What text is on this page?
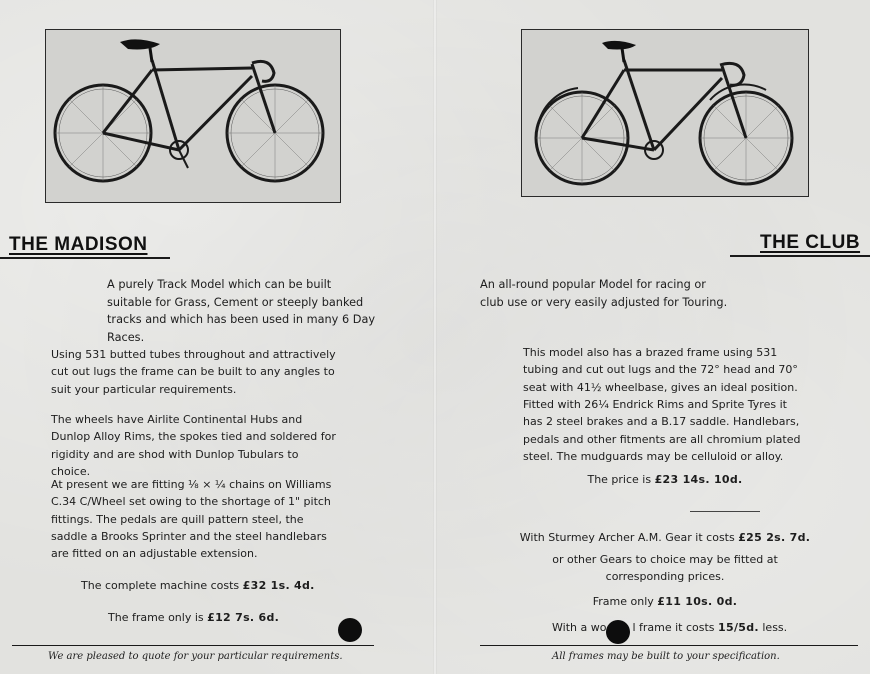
THE MADISON
A purely Track Model which can be built suitable for Grass, Cement or steeply banked tracks and which has been used in many 6 Day Races.
Using 531 butted tubes throughout and attractively cut out lugs the frame can be built to any angles to suit your particular requirements.
The wheels have Airlite Continental Hubs and Dunlop Alloy Rims, the spokes tied and soldered for rigidity and are shod with Dunlop Tubulars to choice.
At present we are fitting ⅛ × ¼ chains on Williams C.34 C/Wheel set owing to the shortage of 1" pitch fittings. The pedals are quill pattern steel, the saddle a Brooks Sprinter and the steel handlebars are fitted on an adjustable extension.
The complete machine costs £32 1s. 4d.
The frame only is £12 7s. 6d.
We are pleased to quote for your particular requirements.
THE CLUB
An all-round popular Model for racing or club use or very easily adjusted for Touring.
This model also has a brazed frame using 531 tubing and cut out lugs and the 72° head and 70° seat with 41½ wheelbase, gives an ideal position.
Fitted with 26¼ Endrick Rims and Sprite Tyres it has 2 steel brakes and a B.17 saddle. Handlebars, pedals and other fitments are all chromium plated steel. The mudguards may be celluloid or alloy.
The price is £23 14s. 10d.
With Sturmey Archer A.M. Gear it costs £25 2s. 7d.
or other Gears to choice may be fitted at corresponding prices.
Frame only £11 10s. 0d.
With a wo l frame it costs 15/5d. less.
All frames may be built to your specification.
